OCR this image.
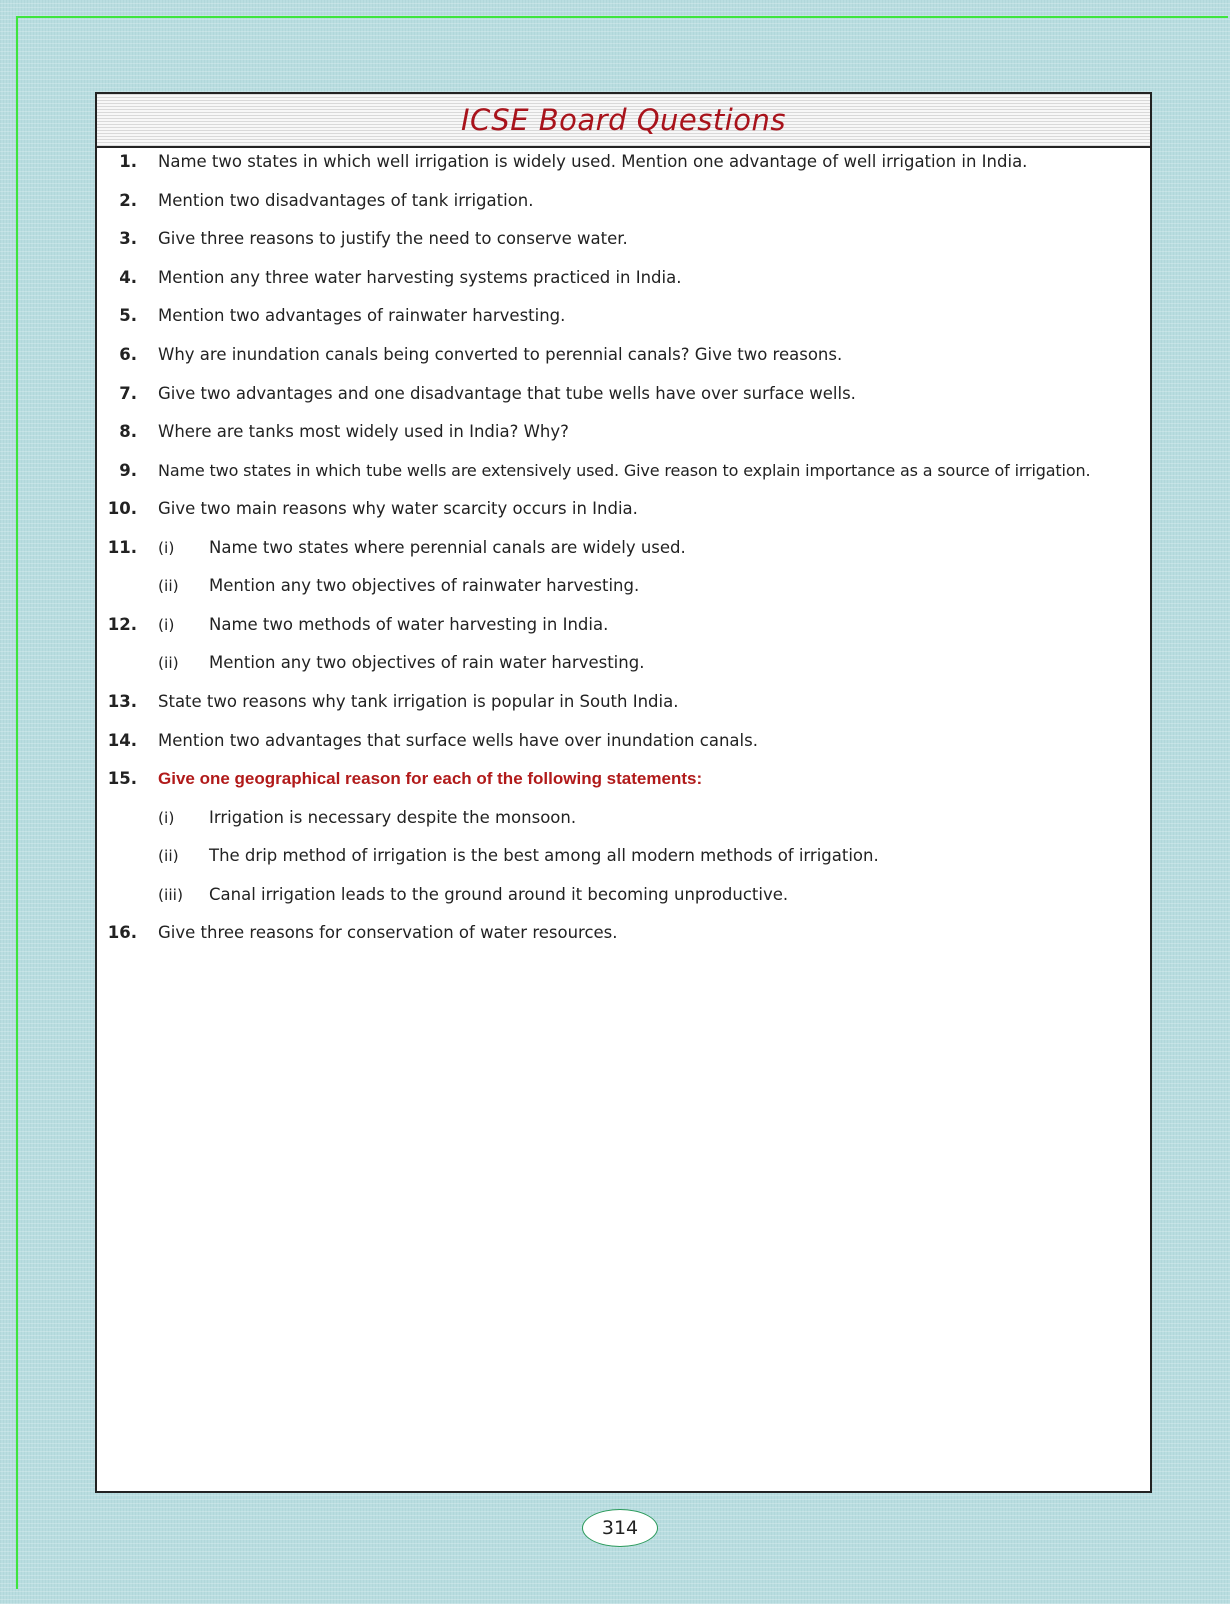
ICSE Board Questions
1. Name two states in which well irrigation is widely used. Mention one advantage of well irrigation in India.
2. Mention two disadvantages of tank irrigation.
3. Give three reasons to justify the need to conserve water.
4. Mention any three water harvesting systems practiced in India.
5. Mention two advantages of rainwater harvesting.
6. Why are inundation canals being converted to perennial canals? Give two reasons.
7. Give two advantages and one disadvantage that tube wells have over surface wells.
8. Where are tanks most widely used in India? Why?
9. Name two states in which tube wells are extensively used. Give reason to explain importance as a source of irrigation.
10. Give two main reasons why water scarcity occurs in India.
11. (i) Name two states where perennial canals are widely used.
(ii) Mention any two objectives of rainwater harvesting.
12. (i) Name two methods of water harvesting in India.
(ii) Mention any two objectives of rain water harvesting.
13. State two reasons why tank irrigation is popular in South India.
14. Mention two advantages that surface wells have over inundation canals.
15. Give one geographical reason for each of the following statements:
(i) Irrigation is necessary despite the monsoon.
(ii) The drip method of irrigation is the best among all modern methods of irrigation.
(iii) Canal irrigation leads to the ground around it becoming unproductive.
16. Give three reasons for conservation of water resources.
314
